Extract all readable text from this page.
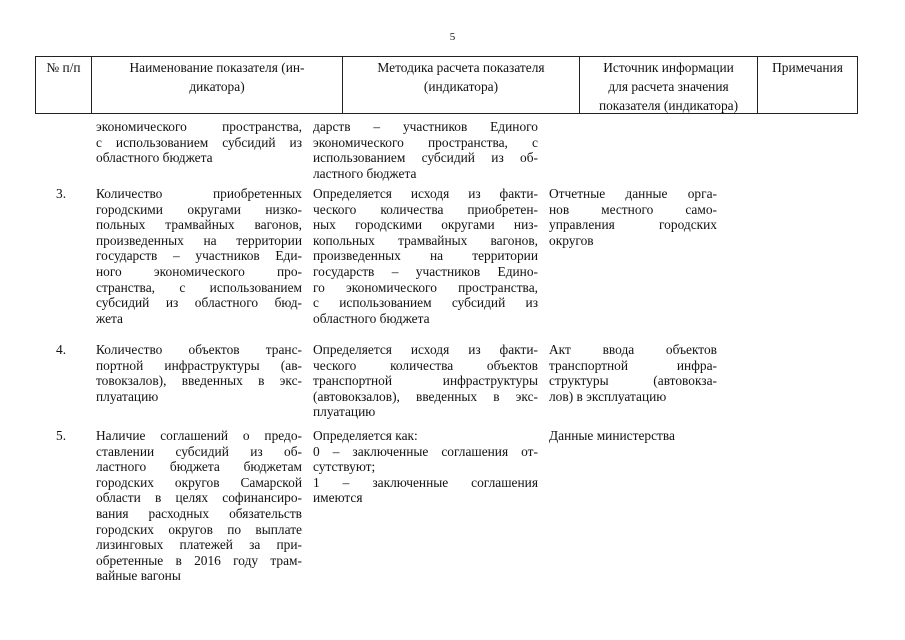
5
№ п/п	Наименование показателя (ин-
дикатора)
Методика расчета показателя
(индикатора)
Источник информации
для расчета значения
показателя (индикатора)
Примечания
экономического пространства,
с использованием субсидий из
областного бюджета
дарств – участников Единого
экономического пространства, с
использованием субсидий из об-
ластного бюджета
3. Количество приобретенных
городскими округами низко-
польных трамвайных вагонов,
произведенных на территории
государств – участников Еди-
ного экономического про-
странства, с использованием
субсидий из областного бюд-
жета
Определяется исходя из факти-
ческого количества приобретен-
ных городскими округами низ-
копольных трамвайных вагонов,
произведенных на территории
государств – участников Едино-
го экономического пространства,
с использованием субсидий из
областного бюджета
Отчетные данные орга-
нов местного само-
управления городских
округов
4. Количество объектов транс-
портной инфраструктуры (ав-
товокзалов), введенных в экс-
плуатацию
Определяется исходя из факти-
ческого количества объектов
транспортной инфраструктуры
(автовокзалов), введенных в экс-
плуатацию
Акт ввода объектов
транспортной инфра-
структуры (автовокза-
лов) в эксплуатацию
5. Наличие соглашений о предо-
ставлении субсидий из об-
ластного бюджета бюджетам
городских округов Самарской
области в целях софинансиро-
вания расходных обязательств
городских округов по выплате
лизинговых платежей за при-
обретенные в 2016 году трам-
вайные вагоны
Определяется как:
0 – заключенные соглашения от-
сутствуют;
1 – заключенные соглашения
имеются
Данные министерства
